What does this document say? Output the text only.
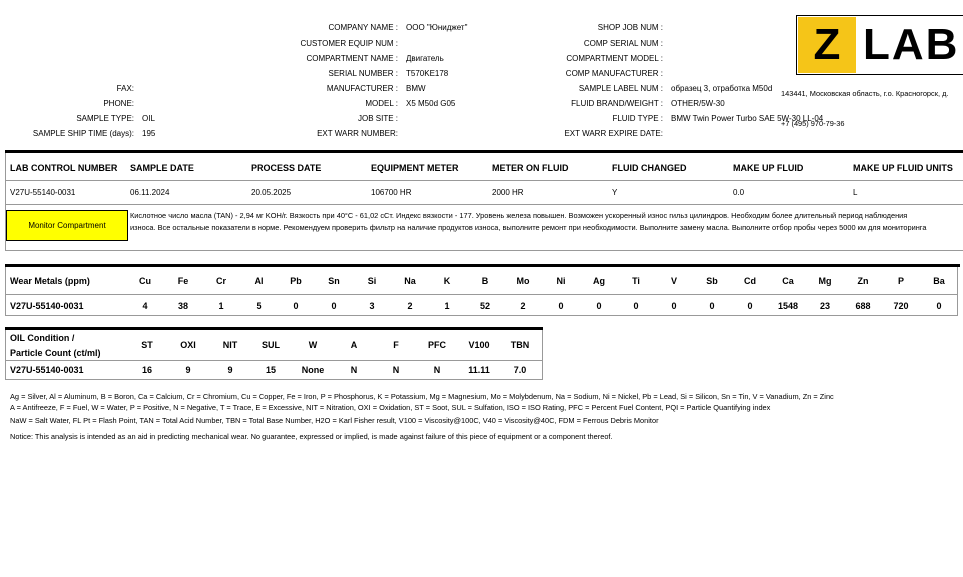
FAX:
PHONE:
SAMPLE TYPE: OIL
SAMPLE SHIP TIME (days): 195
COMPANY NAME : ООО "Юниджет"
CUSTOMER EQUIP NUM :
COMPARTMENT NAME : Двигатель
SERIAL NUMBER : T570KE178
MANUFACTURER : BMW
MODEL : X5 M50d G05
JOB SITE :
EXT WARR NUMBER:
SHOP JOB NUM :
COMP SERIAL NUM :
COMPARTMENT MODEL :
COMP MANUFACTURER :
SAMPLE LABEL NUM : образец 3, отработка M50d
FLUID BRAND/WEIGHT : OTHER/5W-30
FLUID TYPE : BMW Twin Power Turbo SAE 5W-30 LL-04
EXT WARR EXPIRE DATE:
Z LAB
143441, Московская область, г.о. Красногорск, д.
+7 (495) 970-79-36
LAB CONTROL NUMBER SAMPLE DATE	PROCESS DATE	EQUIPMENT METER	METER ON FLUID	FLUID CHANGED	MAKE UP FLUID	MAKE UP FLUID UNITS
V27U-55140-0031	06.11.2024	20.05.2025	106700 HR	2000 HR	Y	0.0	L
Monitor Compartment
Кислотное число масла (TAN) - 2,94 мг KOH/г. Вязкость при 40°С - 61,02 сСт. Индекс вязкости - 177. Уровень железа повышен. Возможен ускоренный износ гильз цилиндров. Необходим более длительный период наблюдения
износа. Все остальные показатели в норме. Рекомендуем проверить фильтр на наличие продуктов износа, выполните ремонт при необходимости. Выполните замену масла. Выполните отбор пробы через 5000 км для мониторинга
Wear Metals (ppm)	Cu	Fe	Cr	Al	Pb	Sn	Si	Na	K	B	Mo	Ni	Ag	Ti	V	Sb	Cd	Ca	Mg	Zn	P	Ba
V27U-55140-0031	4	38	1	5	0	0	3	2	1	52	2	0	0	0	0	0	0	1548	23	688	720	0
OIL Condition /
Particle Count (ct/ml)
ST	OXI	NIT	SUL	W	A	F	PFC	V100	TBN
V27U-55140-0031	16	9	9	15	None	N	N	N	11.11	7.0
Ag = Silver, Al = Aluminum, B = Boron, Ca = Calcium, Cr = Chromium, Cu = Copper, Fe = Iron, P = Phosphorus, K = Potassium, Mg = Magnesium, Mo = Molybdenum, Na = Sodium, Ni = Nickel, Pb = Lead, Si = Silicon, Sn = Tin, V = Vanadium, Zn = Zinc
A = Antifreeze, F = Fuel, W = Water, P = Positive, N = Negative, T = Trace, E = Excessive, NIT = Nitration, OXI = Oxidation, ST = Soot, SUL = Sulfation, ISO = ISO Rating, PFC = Percent Fuel Content, PQI = Particle Quantifying index
NaW = Salt Water, FL Pt = Flash Point, TAN = Total Acid Number, TBN = Total Base Number, H2O = Karl Fisher result, V100 = Viscosity@100C, V40 = Viscosity@40C, FDM = Ferrous Debris Monitor
Notice: This analysis is intended as an aid in predicting mechanical wear. No guarantee, expressed or implied, is made against failure of this piece of equipment or a component thereof.
